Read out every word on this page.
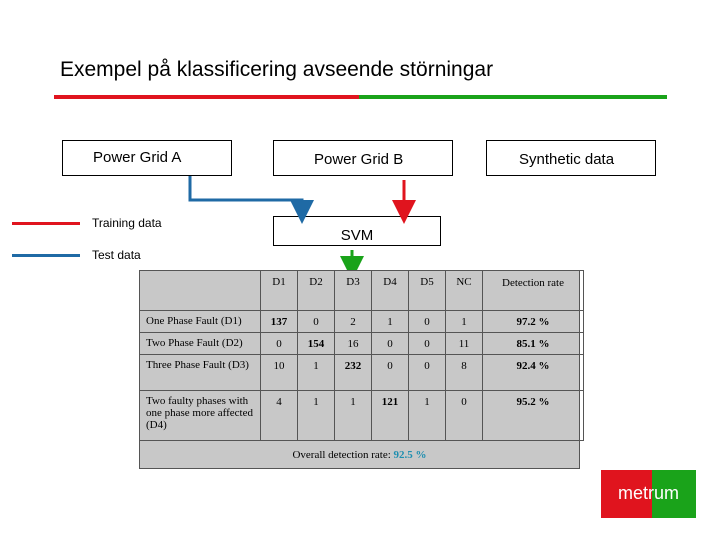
Exempel på klassificering avseende störningar
Power Grid A	Power Grid B	Synthetic data
SVM
Training data
Test data
	D1	D2	D3	D4	D5	NC	Detection rate
One Phase Fault (D1)	137	0	2	1	0	1	97.2 %
Two Phase Fault (D2)	0	154	16	0	0	11	85.1 %
Three Phase Fault (D3)	10	1	232	0	0	8	92.4 %
Two faulty phases with one phase more affected (D4)	4	1	1	121	1	0	95.2 %
Overall detection rate: 92.5 %
metrum
